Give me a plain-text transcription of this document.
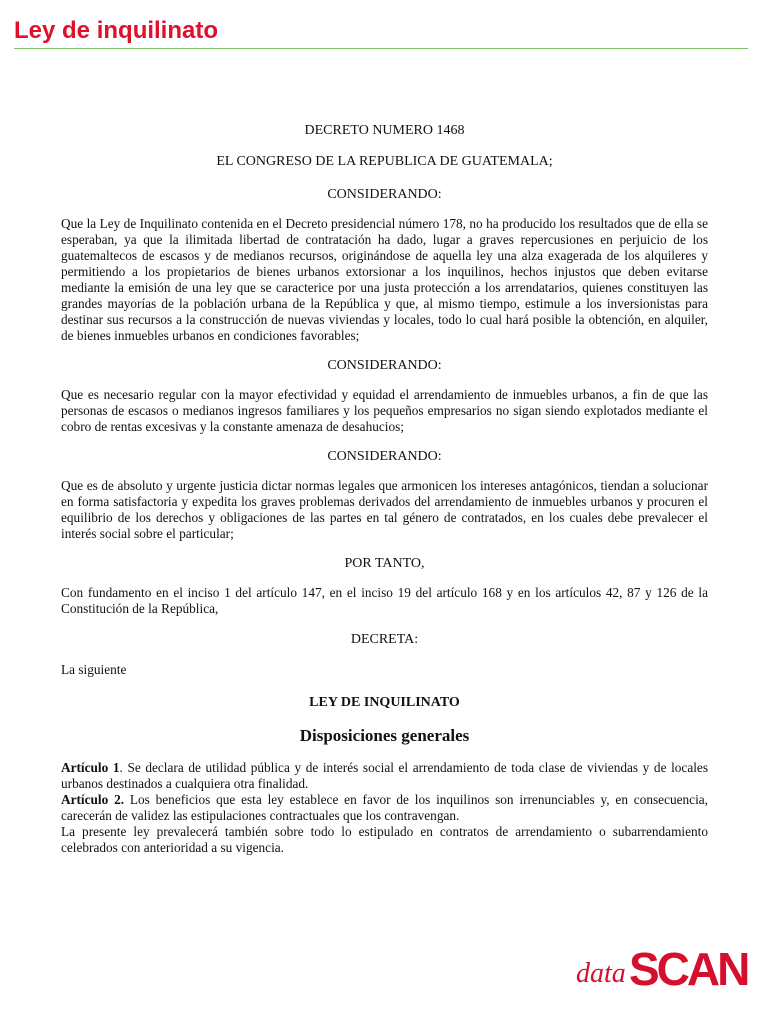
Ley de inquilinato
DECRETO NUMERO 1468
EL CONGRESO DE LA REPUBLICA DE GUATEMALA;
CONSIDERANDO:

Que la Ley de Inquilinato contenida en el Decreto presidencial número 178, no ha producido los resultados que de ella se esperaban, ya que la ilimitada libertad de contratación ha dado, lugar a graves repercusiones en perjuicio de los guatemaltecos de escasos y de medianos recursos, originándose de aquella ley una alza exagerada de los alquileres y permitiendo a los propietarios de bienes urbanos extorsionar a los inquilinos, hechos injustos que deben evitarse mediante la emisión de una ley que se caracterice por una justa protección a los arrendatarios, quienes constituyen las grandes mayorías de la población urbana de la República y que, al mismo tiempo, estimule a los inversionistas para destinar sus recursos a la construcción de nuevas viviendas y locales, todo lo cual hará posible la obtención, en alquiler, de bienes inmuebles urbanos en condiciones favorables;

CONSIDERANDO:

Que es necesario regular con la mayor efectividad y equidad el arrendamiento de inmuebles urbanos, a fin de que las personas de escasos o medianos ingresos familiares y los pequeños empresarios no sigan siendo explotados mediante el cobro de rentas excesivas y la constante amenaza de desahucios;

CONSIDERANDO:

Que es de absoluto y urgente justicia dictar normas legales que armonicen los intereses antagónicos, tiendan a solucionar en forma satisfactoria y expedita los graves problemas derivados del arrendamiento de inmuebles urbanos y procuren el equilibrio de los derechos y obligaciones de las partes en tal género de contratados, en los cuales debe prevalecer el interés social sobre el particular;

POR TANTO,

Con fundamento en el inciso 1 del artículo 147, en el inciso 19 del artículo 168 y en los artículos 42, 87 y 126 de la Constitución de la República,

DECRETA:

La siguiente

LEY DE INQUILINATO
Disposiciones generales

Artículo 1. Se declara de utilidad pública y de interés social el arrendamiento de toda clase de viviendas y de locales urbanos destinados a cualquiera otra finalidad.

Artículo 2. Los beneficios que esta ley establece en favor de los inquilinos son irrenunciables y, en consecuencia, carecerán de validez las estipulaciones contractuales que los contravengan.

La presente ley prevalecerá también sobre todo lo estipulado en contratos de arrendamiento o subarrendamiento celebrados con anterioridad a su vigencia.

data SCAN
